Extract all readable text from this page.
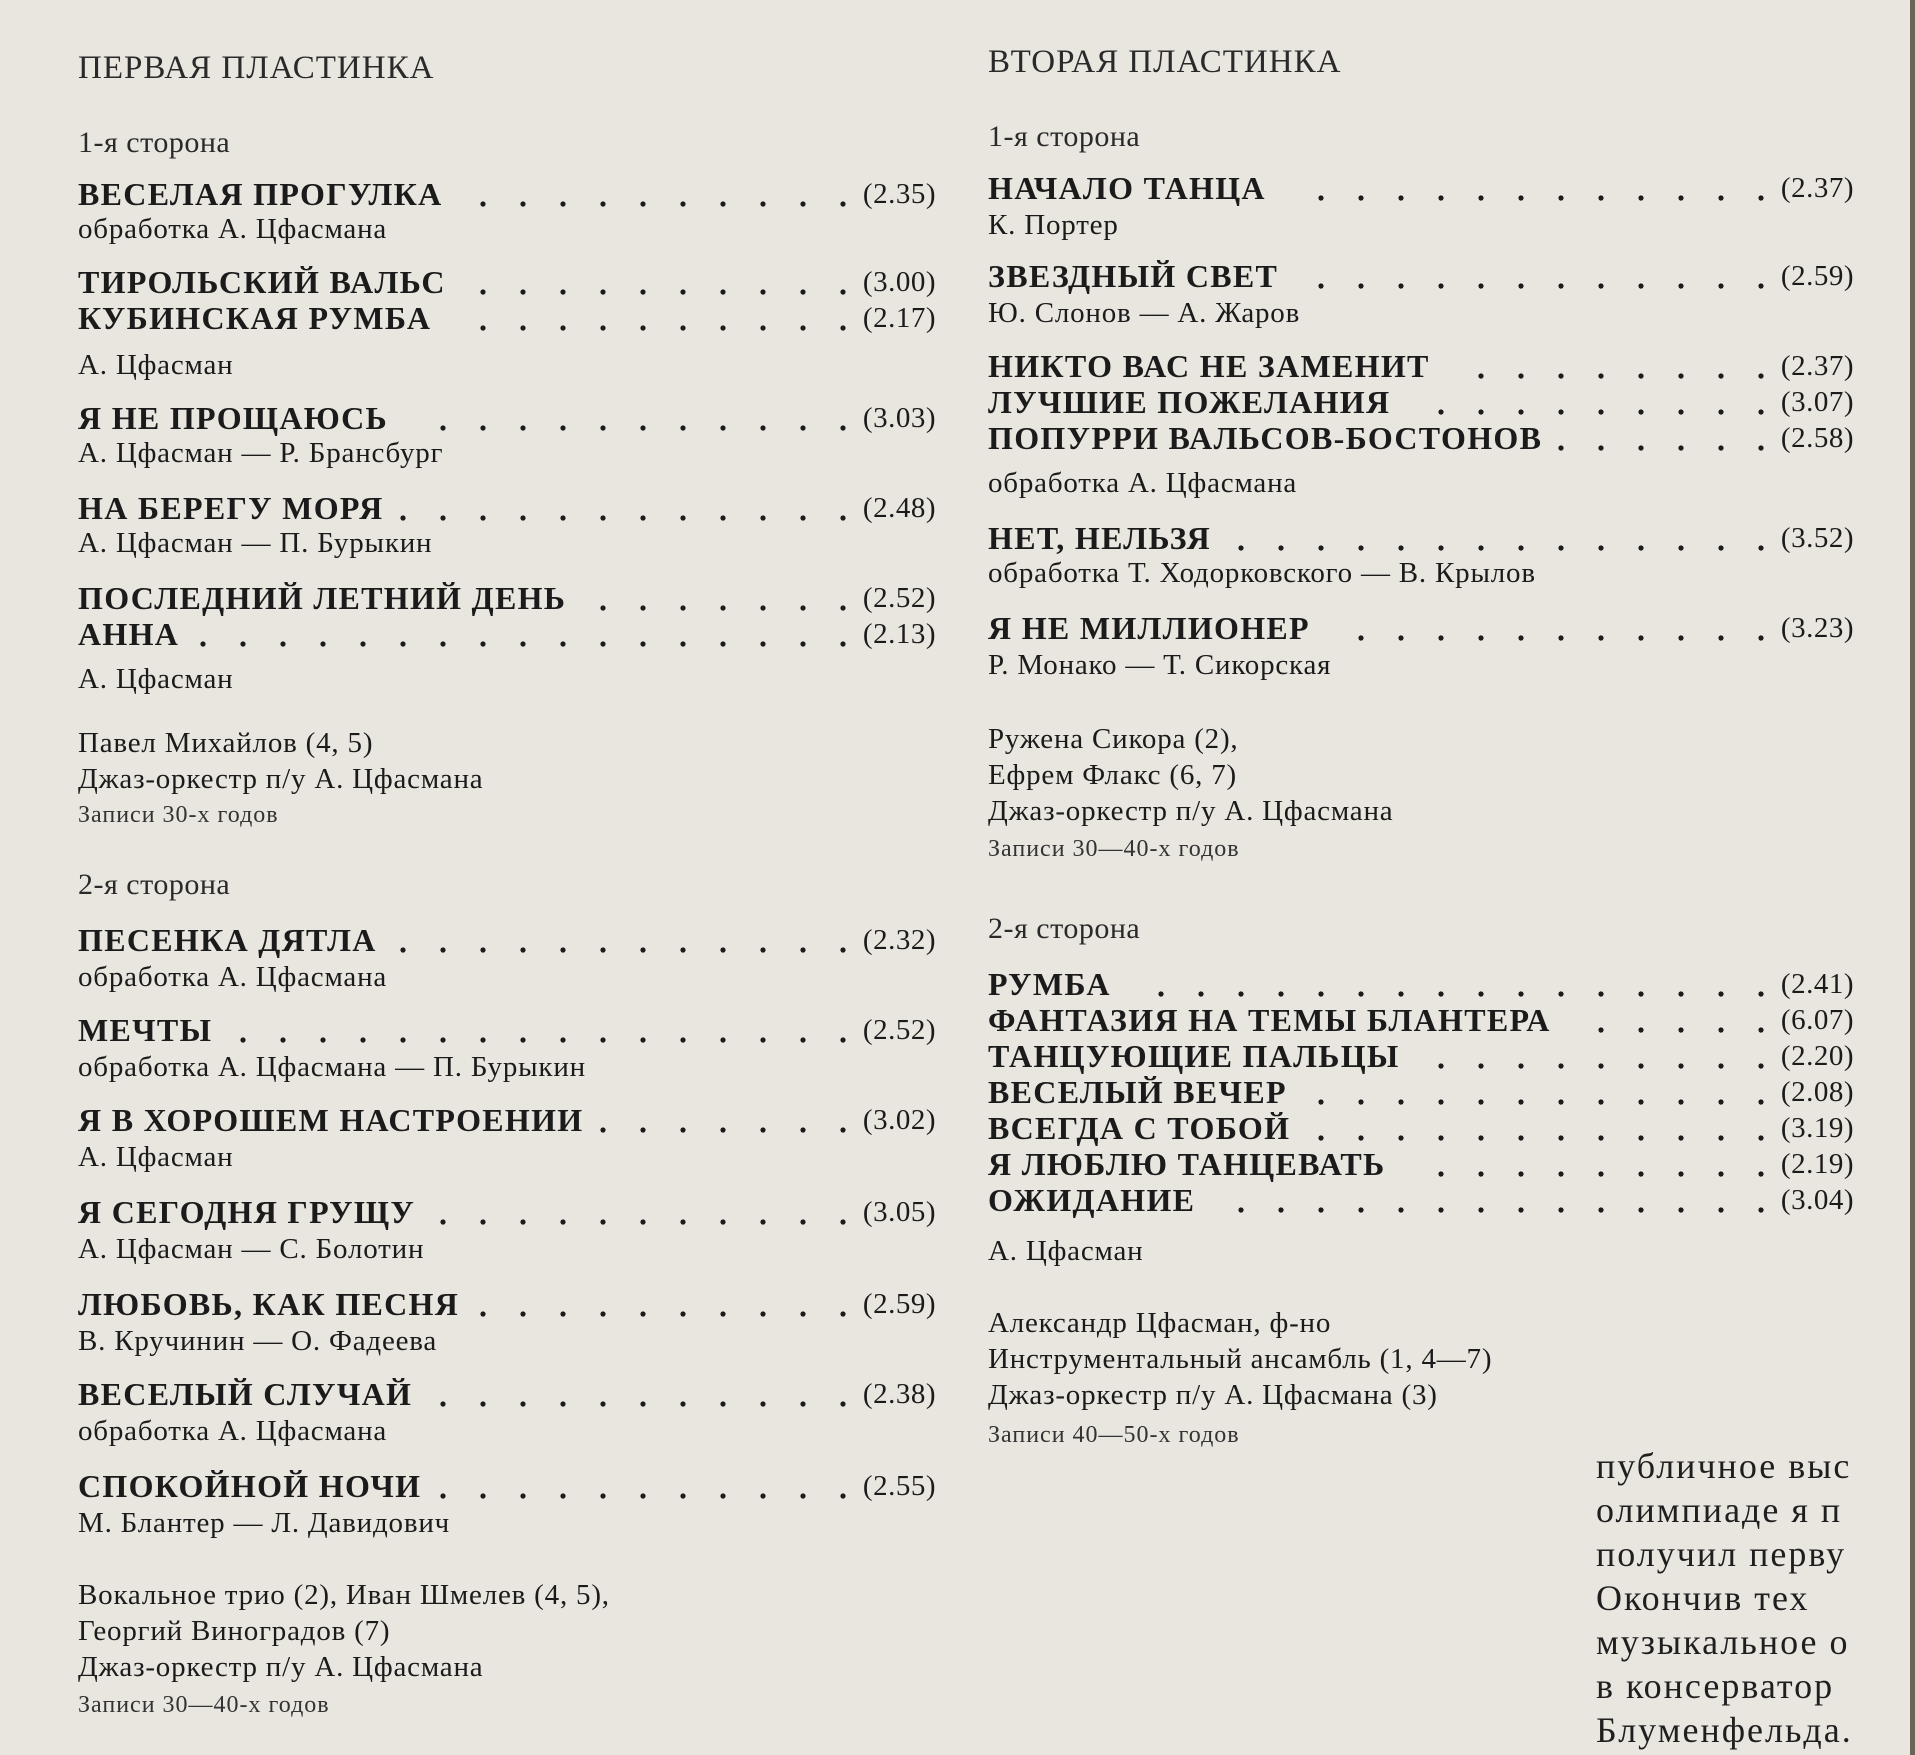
ПЕРВАЯ ПЛАСТИНКА
1-я сторона
ВЕСЕЛАЯ ПРОГУЛКА	(2.35)
обработка А. Цфасмана
ТИРОЛЬСКИЙ ВАЛЬС	(3.00)
КУБИНСКАЯ РУМБА	(2.17)
А. Цфасман
Я НЕ ПРОЩАЮСЬ	(3.03)
А. Цфасман — Р. Брансбург
НА БЕРЕГУ МОРЯ	(2.48)
А. Цфасман — П. Бурыкин
ПОСЛЕДНИЙ ЛЕТНИЙ ДЕНЬ	(2.52)
АННА	(2.13)
А. Цфасман
Павел Михайлов (4, 5)
Джаз-оркестр п/у А. Цфасмана
Записи 30-х годов
2-я сторона
ПЕСЕНКА ДЯТЛА	(2.32)
обработка А. Цфасмана
МЕЧТЫ	(2.52)
обработка А. Цфасмана — П. Бурыкин
Я В ХОРОШЕМ НАСТРОЕНИИ	(3.02)
А. Цфасман
Я СЕГОДНЯ ГРУЩУ	(3.05)
А. Цфасман — С. Болотин
ЛЮБОВЬ, КАК ПЕСНЯ	(2.59)
В. Кручинин — О. Фадеева
ВЕСЕЛЫЙ СЛУЧАЙ	(2.38)
обработка А. Цфасмана
СПОКОЙНОЙ НОЧИ	(2.55)
М. Блантер — Л. Давидович
Вокальное трио (2), Иван Шмелев (4, 5),
Георгий Виноградов (7)
Джаз-оркестр п/у А. Цфасмана
Записи 30—40-х годов
ВТОРАЯ ПЛАСТИНКА
1-я сторона
НАЧАЛО ТАНЦА	(2.37)
К. Портер
ЗВЕЗДНЫЙ СВЕТ	(2.59)
Ю. Слонов — А. Жаров
НИКТО ВАС НЕ ЗАМЕНИТ	(2.37)
ЛУЧШИЕ ПОЖЕЛАНИЯ	(3.07)
ПОПУРРИ ВАЛЬСОВ-БОСТОНОВ	(2.58)
обработка А. Цфасмана
НЕТ, НЕЛЬЗЯ	(3.52)
обработка Т. Ходорковского — В. Крылов
Я НЕ МИЛЛИОНЕР	(3.23)
Р. Монако — Т. Сикорская
Ружена Сикора (2),
Ефрем Флакс (6, 7)
Джаз-оркестр п/у А. Цфасмана
Записи 30—40-х годов
2-я сторона
РУМБА	(2.41)
ФАНТАЗИЯ НА ТЕМЫ БЛАНТЕРА	(6.07)
ТАНЦУЮЩИЕ ПАЛЬЦЫ	(2.20)
ВЕСЕЛЫЙ ВЕЧЕР	(2.08)
ВСЕГДА С ТОБОЙ	(3.19)
Я ЛЮБЛЮ ТАНЦЕВАТЬ	(2.19)
ОЖИДАНИЕ	(3.04)
А. Цфасман
Александр Цфасман, ф-но
Инструментальный ансамбль (1, 4—7)
Джаз-оркестр п/у А. Цфасмана (3)
Записи 40—50-х годов
публичное выс
олимпиаде я п
получил перву
Окончив тех
музыкальное о
в консерватор
Блуменфельда.
